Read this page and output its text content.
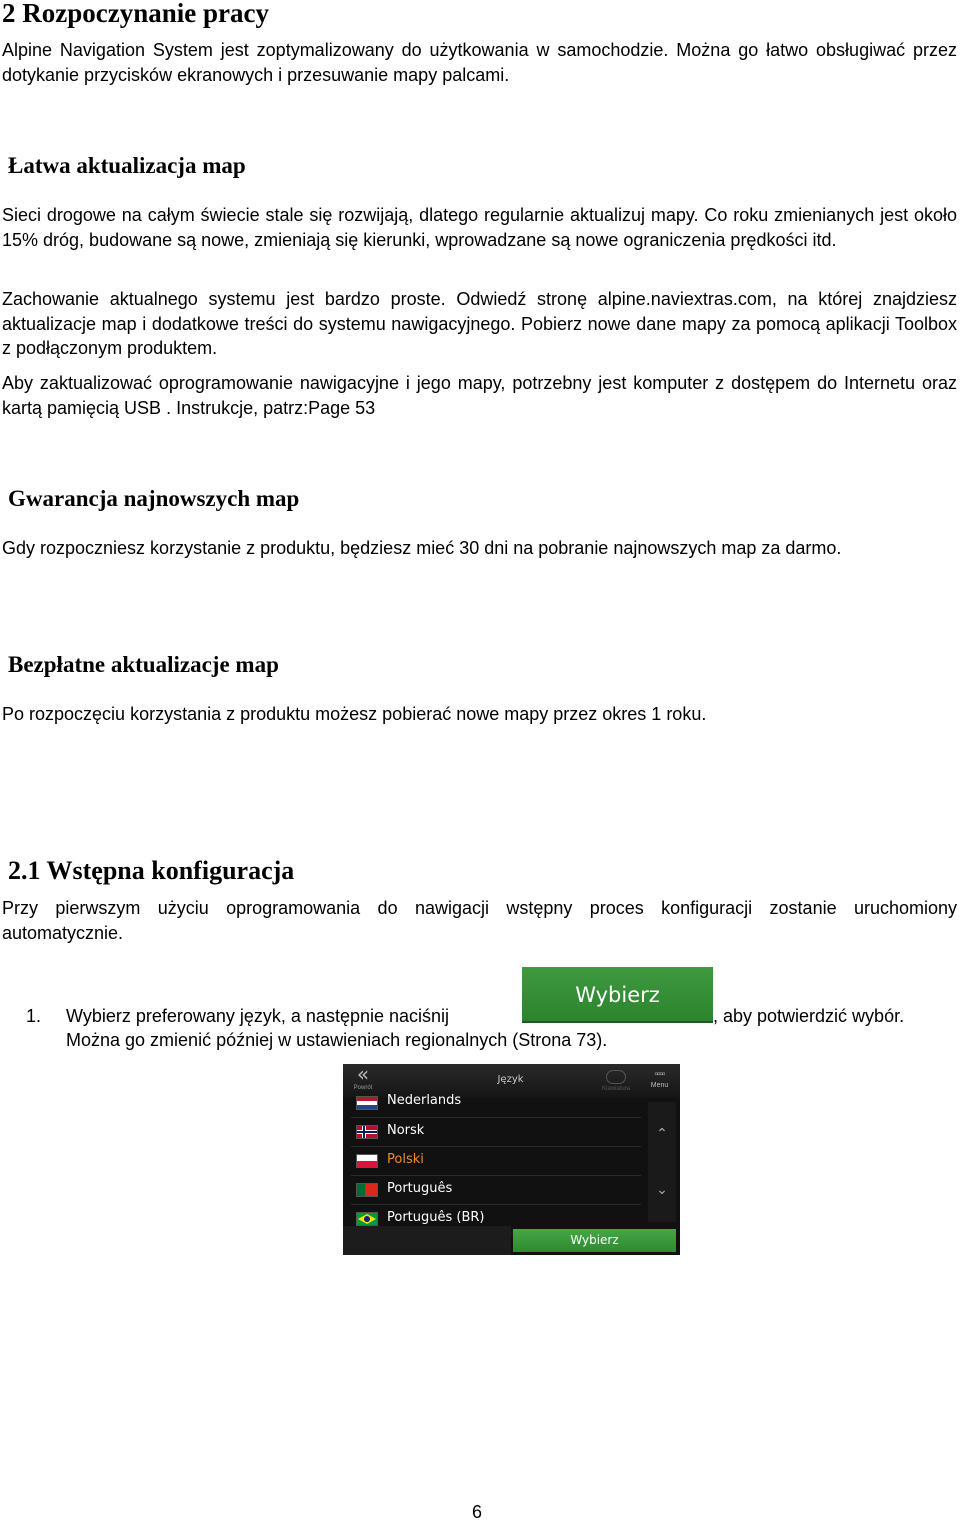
2 Rozpoczynanie pracy

Alpine Navigation System jest zoptymalizowany do użytkowania w samochodzie. Można go łatwo obsługiwać przez dotykanie przycisków ekranowych i przesuwanie mapy palcami.

Łatwa aktualizacja map

Sieci drogowe na całym świecie stale się rozwijają, dlatego regularnie aktualizuj mapy. Co roku zmienianych jest około 15% dróg, budowane są nowe, zmieniają się kierunki, wprowadzane są nowe ograniczenia prędkości itd.

Zachowanie aktualnego systemu jest bardzo proste. Odwiedź stronę alpine.naviextras.com, na której znajdziesz aktualizacje map i dodatkowe treści do systemu nawigacyjnego. Pobierz nowe dane mapy za pomocą aplikacji Toolbox z podłączonym produktem.

Aby zaktualizować oprogramowanie nawigacyjne i jego mapy, potrzebny jest komputer z dostępem do Internetu oraz kartą pamięcią USB . Instrukcje, patrz:Page 53

Gwarancja najnowszych map

Gdy rozpoczniesz korzystanie z produktu, będziesz mieć 30 dni na pobranie najnowszych map za darmo.

Bezpłatne aktualizacje map

Po rozpoczęciu korzystania z produktu możesz pobierać nowe mapy przez okres 1 roku.

2.1 Wstępna konfiguracja

Przy pierwszym użyciu oprogramowania do nawigacji wstępny proces konfiguracji zostanie uruchomiony automatycznie.

1. Wybierz preferowany język, a następnie naciśnij
Wybierz
, aby potwierdzić wybór.
Można go zmienić później w ustawieniach regionalnych (Strona 73).
«
Powrót
Język
Klawiatura
▫▫▫▫
Menu
Nederlands
Norsk
Polski
Português
Português (BR)
⌃
⌄
Wybierz
6
